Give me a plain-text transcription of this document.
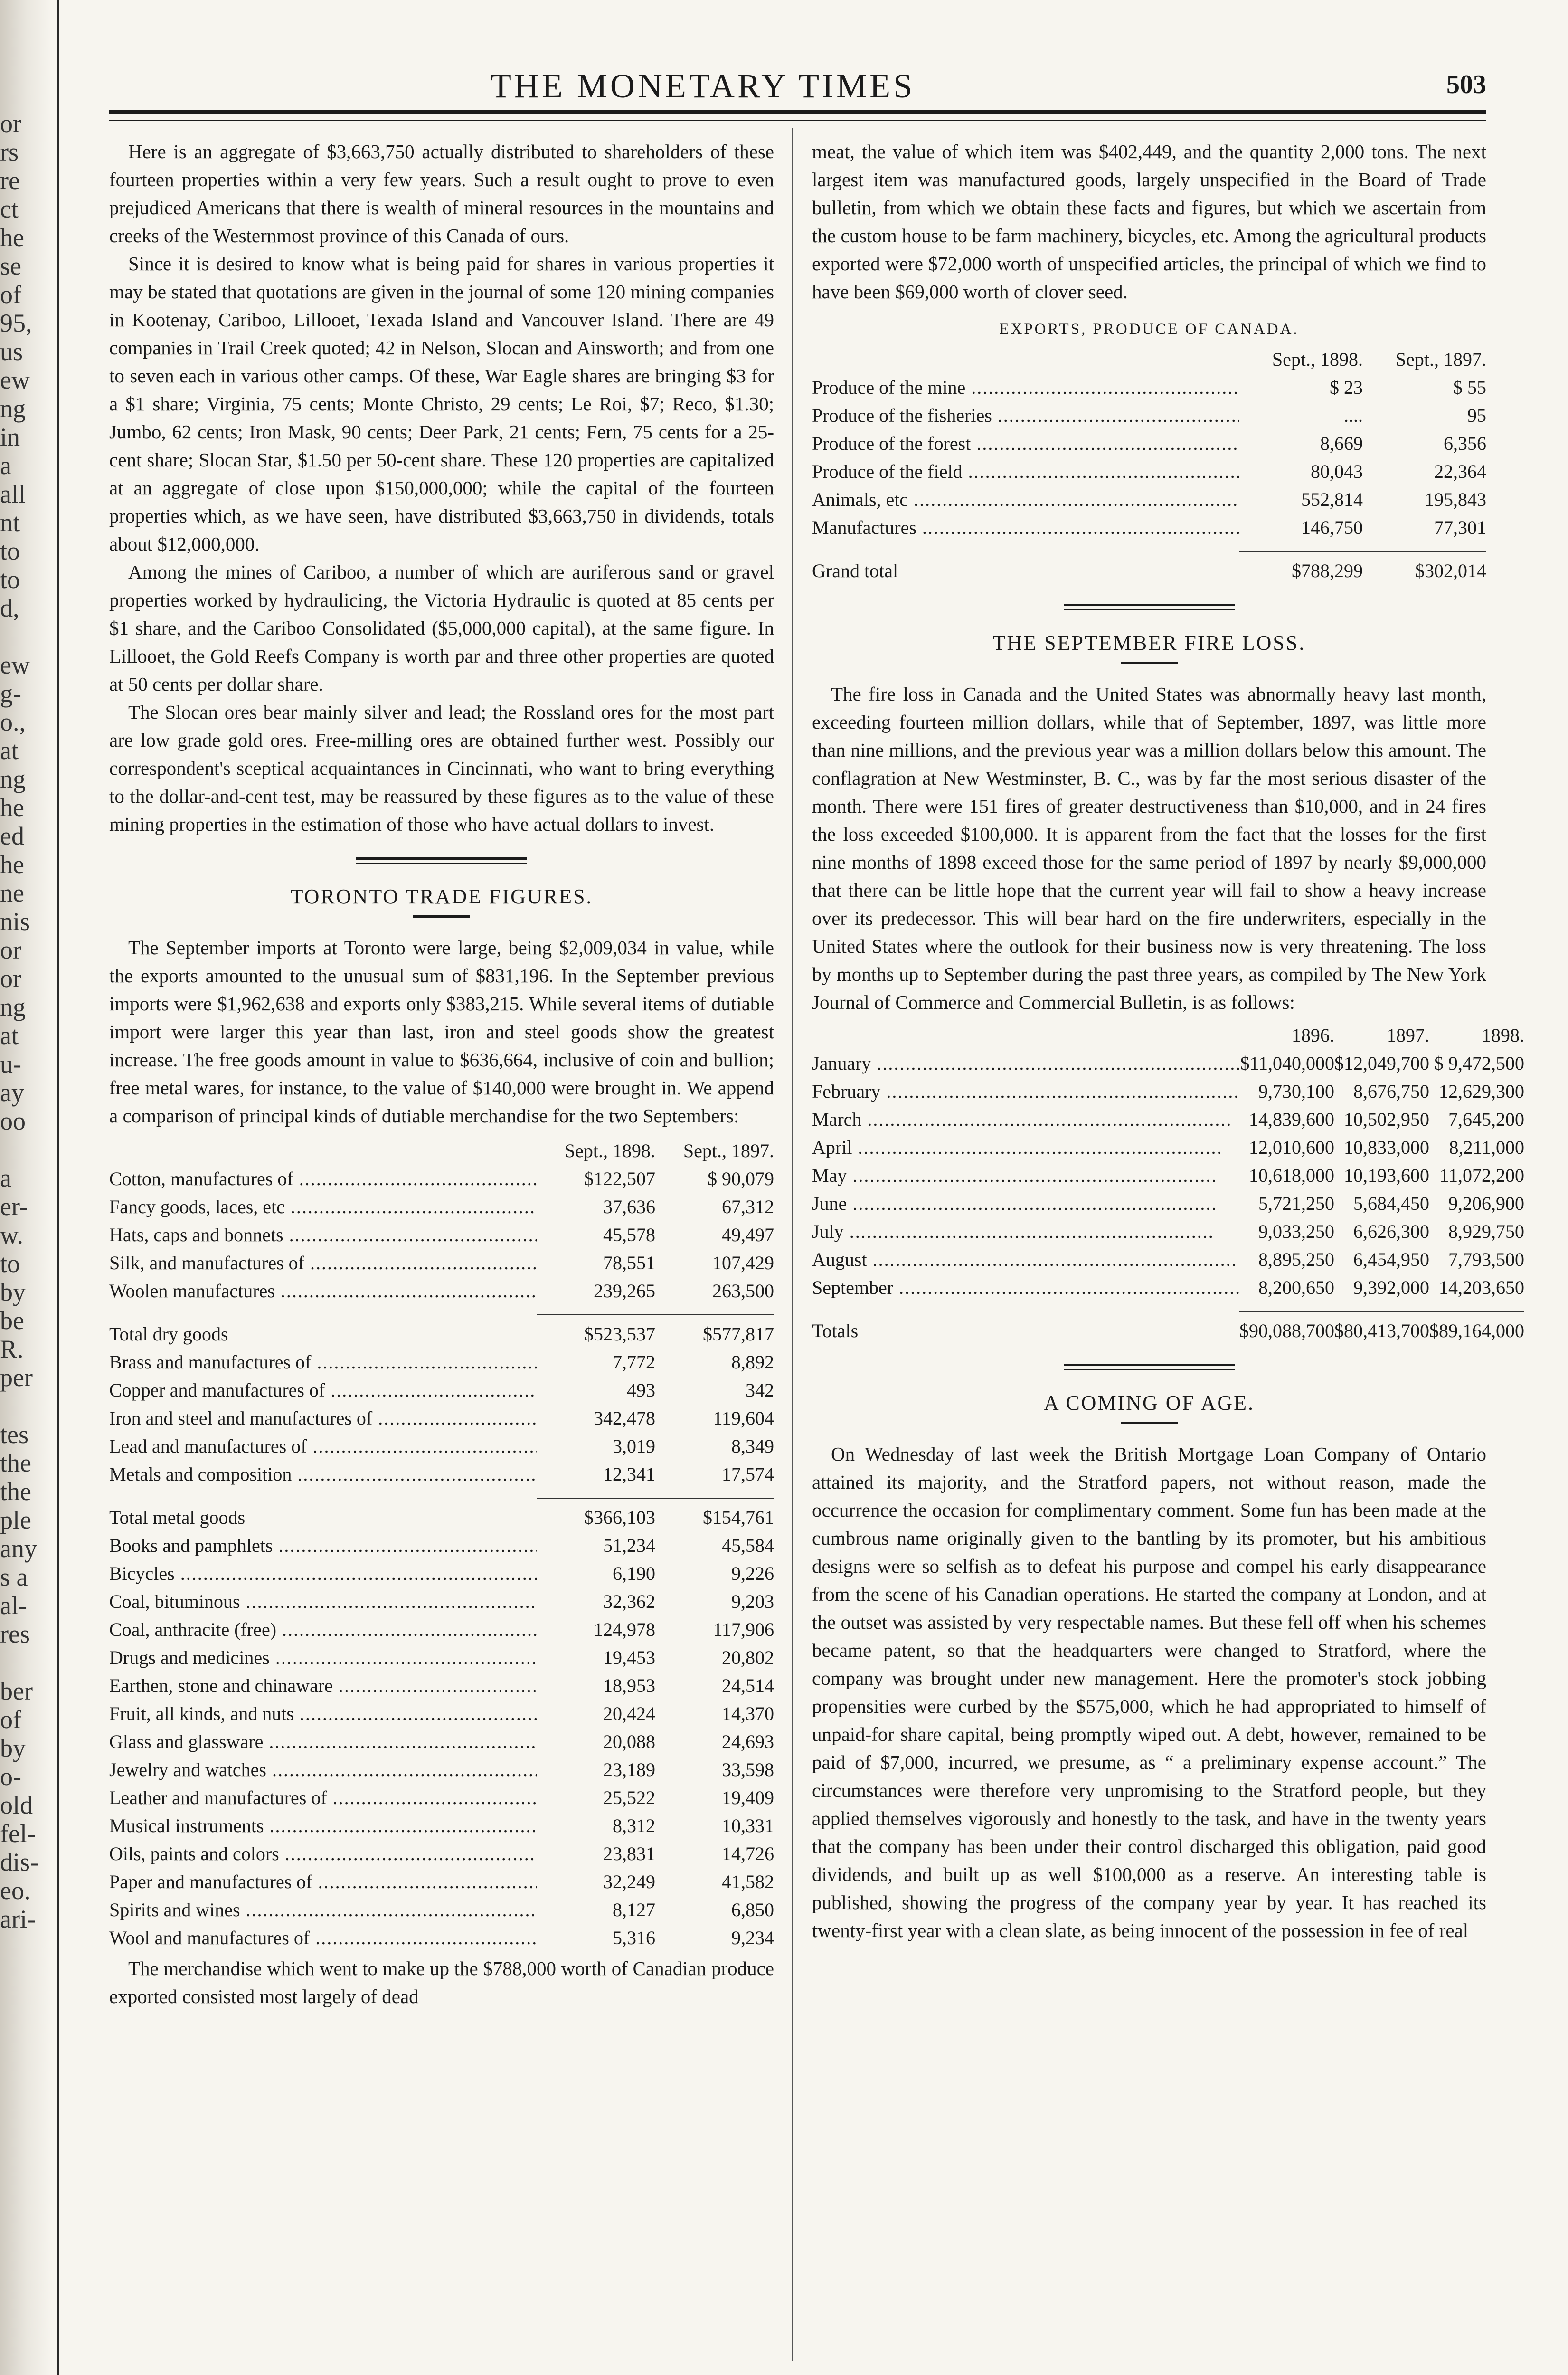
or
rs
re
ct
he
se
of
95,
us
ew
ng
in
a
all
nt
to
to
d,
ew
g-
o.,
at
ng
he
ed
he
ne
nis
or
or
ng
at
u-
ay
oo
a
er-
w.
to
by
be
R.
per
tes
the
the
ple
any
s a
al-
res
ber
of
by
o-
old
fel-
dis-
eo.
ari-
THE MONETARY TIMES	503

Here is an aggregate of $3,663,750 actually distributed to shareholders of these fourteen properties within a very few years. Such a result ought to prove to even prejudiced Americans that there is wealth of mineral resources in the mountains and creeks of the Westernmost province of this Canada of ours.

Since it is desired to know what is being paid for shares in various properties it may be stated that quotations are given in the journal of some 120 mining companies in Kootenay, Cariboo, Lillooet, Texada Island and Vancouver Island. There are 49 companies in Trail Creek quoted; 42 in Nelson, Slocan and Ainsworth; and from one to seven each in various other camps. Of these, War Eagle shares are bringing $3 for a $1 share; Virginia, 75 cents; Monte Christo, 29 cents; Le Roi, $7; Reco, $1.30; Jumbo, 62 cents; Iron Mask, 90 cents; Deer Park, 21 cents; Fern, 75 cents for a 25-cent share; Slocan Star, $1.50 per 50-cent share. These 120 properties are capitalized at an aggregate of close upon $150,000,000; while the capital of the fourteen properties which, as we have seen, have distributed $3,663,750 in dividends, totals about $12,000,000.

Among the mines of Cariboo, a number of which are auriferous sand or gravel properties worked by hydraulicing, the Victoria Hydraulic is quoted at 85 cents per $1 share, and the Cariboo Consolidated ($5,000,000 capital), at the same figure. In Lillooet, the Gold Reefs Company is worth par and three other properties are quoted at 50 cents per dollar share.

The Slocan ores bear mainly silver and lead; the Rossland ores for the most part are low grade gold ores. Free-milling ores are obtained further west. Possibly our correspondent's sceptical acquaintances in Cincinnati, who want to bring everything to the dollar-and-cent test, may be reassured by these figures as to the value of these mining properties in the estimation of those who have actual dollars to invest.

TORONTO TRADE FIGURES.

The September imports at Toronto were large, being $2,009,034 in value, while the exports amounted to the unusual sum of $831,196. In the September previous imports were $1,962,638 and exports only $383,215. While several items of dutiable import were larger this year than last, iron and steel goods show the greatest increase. The free goods amount in value to $636,664, inclusive of coin and bullion; free metal wares, for instance, to the value of $140,000 were brought in. We append a comparison of principal kinds of dutiable merchandise for the two Septembers:

	Sept., 1898.	Sept., 1897.
Cotton, manufactures of .....	$122,507	$ 90,079
Fancy goods, laces, etc .....	37,636	67,312
Hats, caps and bonnets .....	45,578	49,497
Silk, and manufactures of .....	78,551	107,429
Woolen manufactures .....	239,265	263,500

Total dry goods	$523,537	$577,817
Brass and manufactures of .....	7,772	8,892
Copper and manufactures of .....	493	342
Iron and steel and manufactures of .....	342,478	119,604
Lead and manufactures of .....	3,019	8,349
Metals and composition .....	12,341	17,574

Total metal goods	$366,103	$154,761
Books and pamphlets .....	51,234	45,584
Bicycles .....	6,190	9,226
Coal, bituminous .....	32,362	9,203
Coal, anthracite (free) .....	124,978	117,906
Drugs and medicines .....	19,453	20,802
Earthen, stone and chinaware .....	18,953	24,514
Fruit, all kinds, and nuts .....	20,424	14,370
Glass and glassware .....	20,088	24,693
Jewelry and watches .....	23,189	33,598
Leather and manufactures of .....	25,522	19,409
Musical instruments .....	8,312	10,331
Oils, paints and colors .....	23,831	14,726
Paper and manufactures of .....	32,249	41,582
Spirits and wines .....	8,127	6,850
Wool and manufactures of .....	5,316	9,234

The merchandise which went to make up the $788,000 worth of Canadian produce exported consisted most largely of dead

meat, the value of which item was $402,449, and the quantity 2,000 tons. The next largest item was manufactured goods, largely unspecified in the Board of Trade bulletin, from which we obtain these facts and figures, but which we ascertain from the custom house to be farm machinery, bicycles, etc. Among the agricultural products exported were $72,000 worth of unspecified articles, the principal of which we find to have been $69,000 worth of clover seed.

EXPORTS, PRODUCE OF CANADA.
	Sept., 1898.	Sept., 1897.
Produce of the mine .....	$ 23	$ 55
Produce of the fisheries .....	....	95
Produce of the forest .....	8,669	6,356
Produce of the field .....	80,043	22,364
Animals, etc .....	552,814	195,843
Manufactures .....	146,750	77,301

Grand total	$788,299	$302,014
THE SEPTEMBER FIRE LOSS.

The fire loss in Canada and the United States was abnormally heavy last month, exceeding fourteen million dollars, while that of September, 1897, was little more than nine millions, and the previous year was a million dollars below this amount. The conflagration at New Westminster, B. C., was by far the most serious disaster of the month. There were 151 fires of greater destructiveness than $10,000, and in 24 fires the loss exceeded $100,000. It is apparent from the fact that the losses for the first nine months of 1898 exceed those for the same period of 1897 by nearly $9,000,000 that there can be little hope that the current year will fail to show a heavy increase over its predecessor. This will bear hard on the fire underwriters, especially in the United States where the outlook for their business now is very threatening. The loss by months up to September during the past three years, as compiled by The New York Journal of Commerce and Commercial Bulletin, is as follows:

	1896.	1897.	1898.
January .....	$11,040,000	$12,049,700	$ 9,472,500
February .....	9,730,100	8,676,750	12,629,300
March .....	14,839,600	10,502,950	7,645,200
April .....	12,010,600	10,833,000	8,211,000
May .....	10,618,000	10,193,600	11,072,200
June .....	5,721,250	5,684,450	9,206,900
July .....	9,033,250	6,626,300	8,929,750
August .....	8,895,250	6,454,950	7,793,500
September .....	8,200,650	9,392,000	14,203,650

Totals	$90,088,700	$80,413,700	$89,164,000
A COMING OF AGE.

On Wednesday of last week the British Mortgage Loan Company of Ontario attained its majority, and the Stratford papers, not without reason, made the occurrence the occasion for complimentary comment. Some fun has been made at the cumbrous name originally given to the bantling by its promoter, but his ambitious designs were so selfish as to defeat his purpose and compel his early disappearance from the scene of his Canadian operations. He started the company at London, and at the outset was assisted by very respectable names. But these fell off when his schemes became patent, so that the headquarters were changed to Stratford, where the company was brought under new management. Here the promoter's stock jobbing propensities were curbed by the $575,000, which he had appropriated to himself of unpaid-for share capital, being promptly wiped out. A debt, however, remained to be paid of $7,000, incurred, we presume, as “ a preliminary expense account.” The circumstances were therefore very unpromising to the Stratford people, but they applied themselves vigorously and honestly to the task, and have in the twenty years that the company has been under their control discharged this obligation, paid good dividends, and built up as well $100,000 as a reserve. An interesting table is published, showing the progress of the company year by year. It has reached its twenty-first year with a clean slate, as being innocent of the possession in fee of real
